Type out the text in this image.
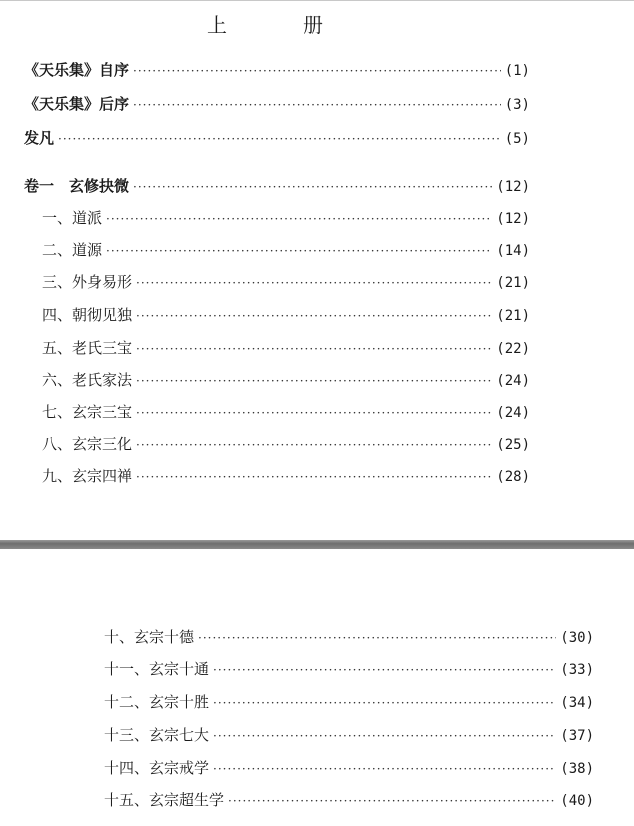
上　册
《天乐集》自序 ·····	(1)
《天乐集》后序 ·····	(3)
发凡 ·····	(5)
卷一　玄修抉微 ·····	(12)
一、道派 ·····	(12)
二、道源 ·····	(14)
三、外身易形 ·····	(21)
四、朝彻见独 ·····	(21)
五、老氏三宝 ·····	(22)
六、老氏家法 ·····	(24)
七、玄宗三宝 ·····	(24)
八、玄宗三化 ·····	(25)
九、玄宗四禅 ·····	(28)
十、玄宗十德 ·····	(30)
十一、玄宗十通 ·····	(33)
十二、玄宗十胜 ·····	(34)
十三、玄宗七大 ·····	(37)
十四、玄宗戒学 ·····	(38)
十五、玄宗超生学 ·····	(40)
